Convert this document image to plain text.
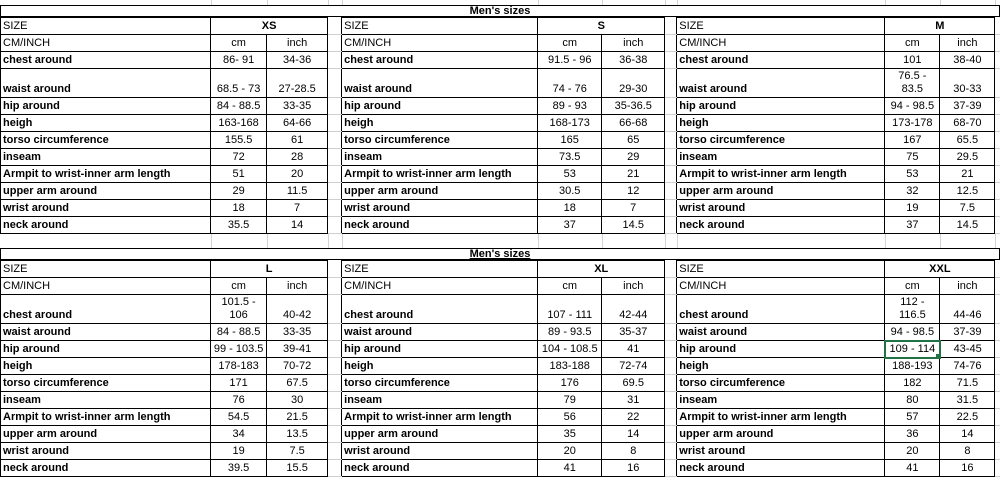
Men's sizes
SIZE	XS			SIZE	S			SIZE	M		
CM/INCH	cm	inch		CM/INCH	cm	inch		CM/INCH	cm	inch	
chest around	86- 91	34-36		chest around	91.5 - 96	36-38		chest around	101	38-40	
waist around	68.5 - 73	27-28.5		waist around	74 - 76	29-30		waist around	76.5 - 83.5	30-33	
hip around	84 - 88.5	33-35		hip around	89 - 93	35-36.5		hip around	94 - 98.5	37-39	
heigh	163-168	64-66		heigh	168-173	66-68		heigh	173-178	68-70	
torso circumference	155.5	61		torso circumference	165	65		torso circumference	167	65.5	
inseam	72	28		inseam	73.5	29		inseam	75	29.5	
Armpit to wrist-inner arm length	51	20		Armpit to wrist-inner arm length	53	21		Armpit to wrist-inner arm length	53	21	
upper arm around	29	11.5		upper arm around	30.5	12		upper arm around	32	12.5	
wrist around	18	7		wrist around	18	7		wrist around	19	7.5	
neck around	35.5	14		neck around	37	14.5		neck around	37	14.5	
Men's sizes
SIZE	L			SIZE	XL			SIZE	XXL		
CM/INCH	cm	inch		CM/INCH	cm	inch		CM/INCH	cm	inch	
chest around	101.5 - 106	40-42		chest around	107 - 111	42-44		chest around	112 - 116.5	44-46	
waist around	84 - 88.5	33-35		waist around	89 - 93.5	35-37		waist around	94 - 98.5	37-39	
hip around	99 - 103.5	39-41		hip around	104 - 108.5	41		hip around	109 - 114	43-45	
heigh	178-183	70-72		heigh	183-188	72-74		heigh	188-193	74-76	
torso circumference	171	67.5		torso circumference	176	69.5		torso circumference	182	71.5	
inseam	76	30		inseam	79	31		inseam	80	31.5	
Armpit to wrist-inner arm length	54.5	21.5		Armpit to wrist-inner arm length	56	22		Armpit to wrist-inner arm length	57	22.5	
upper arm around	34	13.5		upper arm around	35	14		upper arm around	36	14	
wrist around	19	7.5		wrist around	20	8		wrist around	20	8	
neck around	39.5	15.5		neck around	41	16		neck around	41	16	
